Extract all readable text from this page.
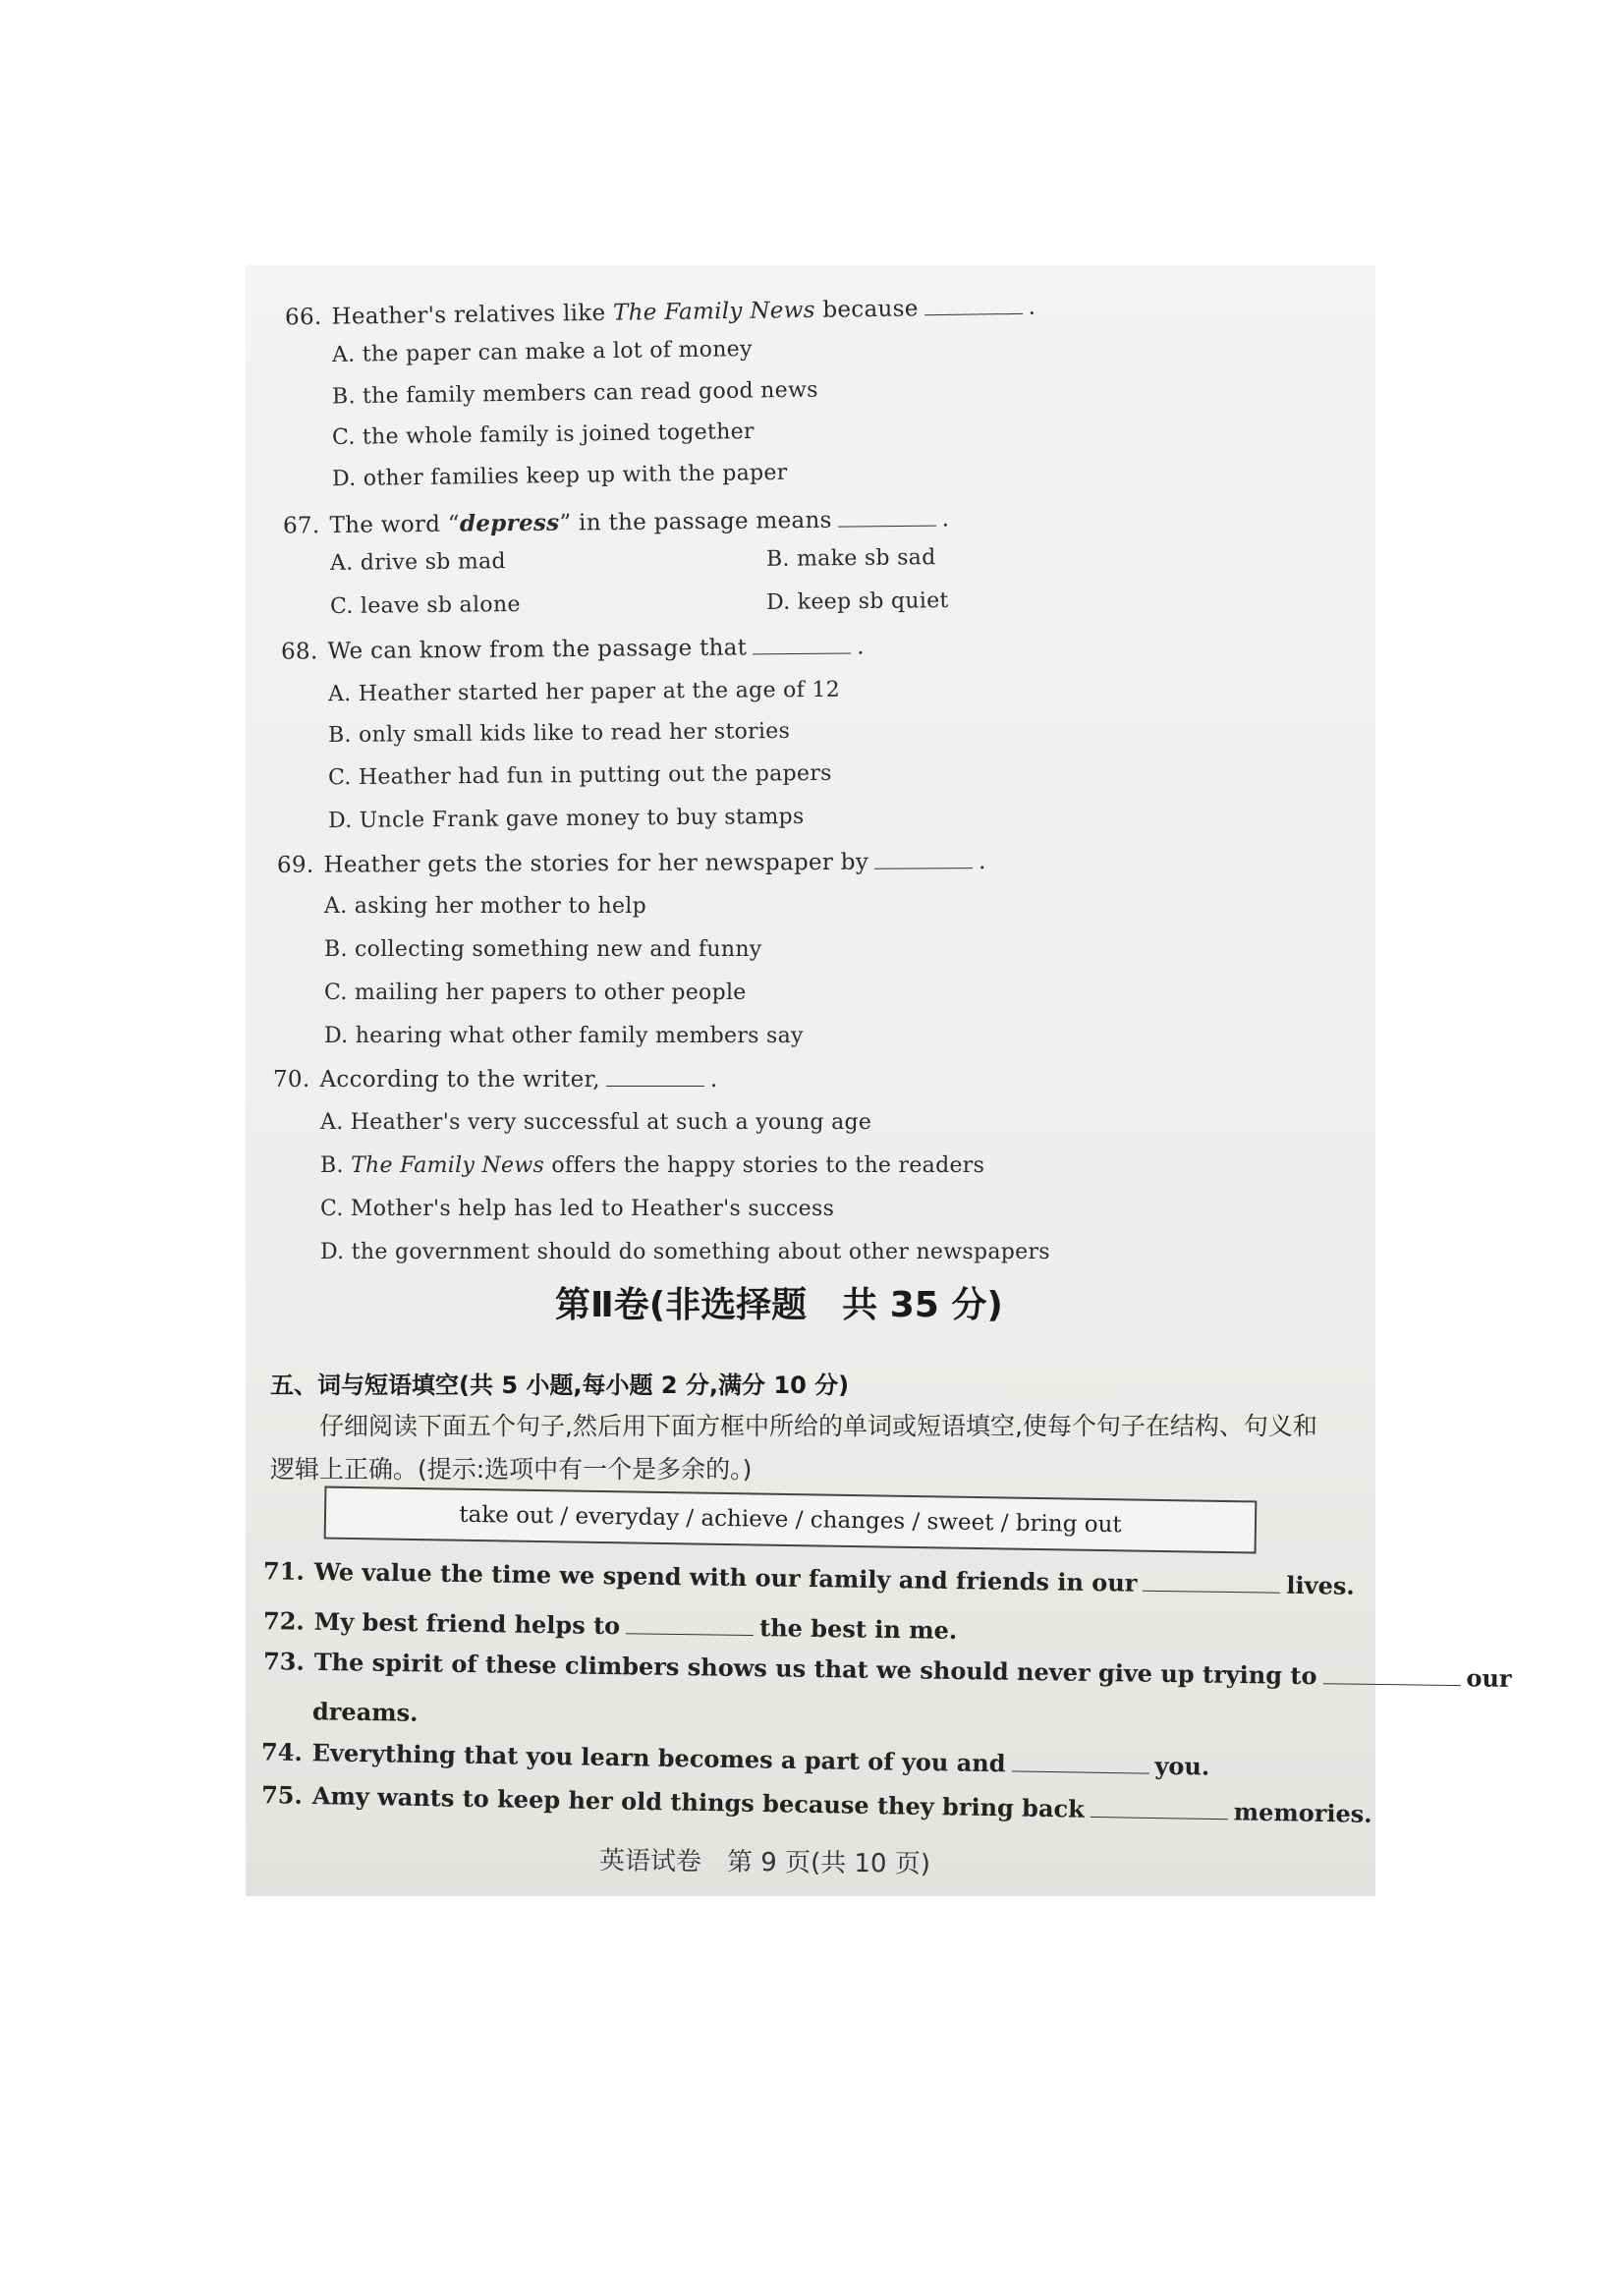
66. Heather's relatives like The Family News because	.
A. the paper can make a lot of money
B. the family members can read good news
C. the whole family is joined together
D. other families keep up with the paper
67. The word “depress” in the passage means	.
A. drive sb mad	B. make sb sad
C. leave sb alone	D. keep sb quiet
68. We can know from the passage that	.
A. Heather started her paper at the age of 12
B. only small kids like to read her stories
C. Heather had fun in putting out the papers
D. Uncle Frank gave money to buy stamps
69. Heather gets the stories for her newspaper by	.
A. asking her mother to help
B. collecting something new and funny
C. mailing her papers to other people
D. hearing what other family members say
70. According to the writer,	.
A. Heather's very successful at such a young age
B. The Family News offers the happy stories to the readers
C. Mother's help has led to Heather's success
D. the government should do something about other newspapers
第Ⅱ卷(非选择题　共 35 分)
五、词与短语填空(共 5 小题,每小题 2 分,满分 10 分)
仔细阅读下面五个句子,然后用下面方框中所给的单词或短语填空,使每个句子在结构、句义和逻辑上正确。(提示:选项中有一个是多余的。)
take out / everyday / achieve / changes / sweet / bring out
71. We value the time we spend with our family and friends in our	lives.
72. My best friend helps to	the best in me.
73. The spirit of these climbers shows us that we should never give up trying to	our
dreams.
74. Everything that you learn becomes a part of you and	you.
75. Amy wants to keep her old things because they bring back	memories.
英语试卷　第 9 页(共 10 页)
